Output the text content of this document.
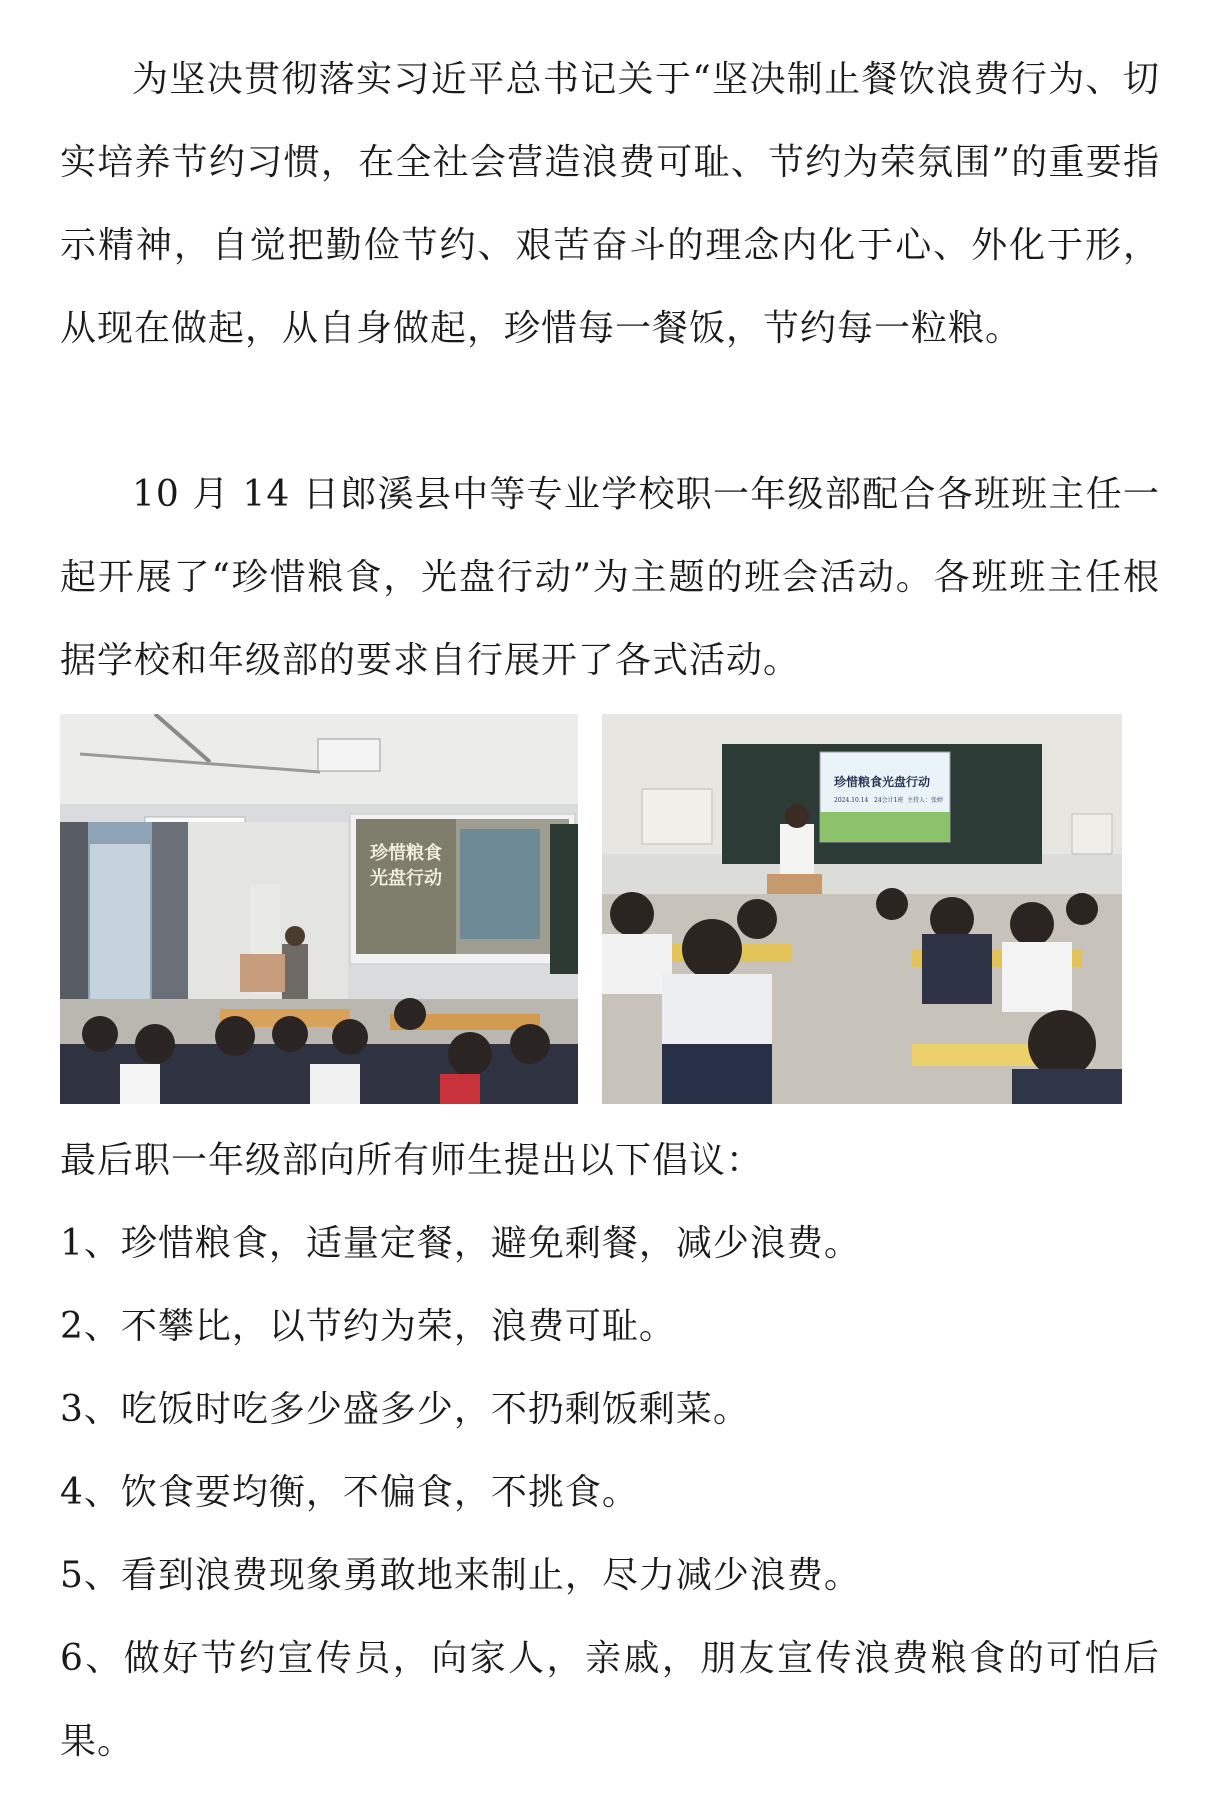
为坚决贯彻落实习近平总书记关于“坚决制止餐饮浪费行为、切实培养节约习惯，在全社会营造浪费可耻、节约为荣氛围”的重要指示精神，自觉把勤俭节约、艰苦奋斗的理念内化于心、外化于形，从现在做起，从自身做起，珍惜每一餐饭，节约每一粒粮。

10 月 14 日郎溪县中等专业学校职一年级部配合各班班主任一起开展了“珍惜粮食，光盘行动”为主题的班会活动。各班班主任根据学校和年级部的要求自行展开了各式活动。

珍惜粮食
光盘行动
珍惜粮食光盘行动
2024.10.14 24会计1班 主持人：张婷

最后职一年级部向所有师生提出以下倡议：

1、珍惜粮食，适量定餐，避免剩餐，减少浪费。
2、不攀比，以节约为荣，浪费可耻。
3、吃饭时吃多少盛多少，不扔剩饭剩菜。
4、饮食要均衡，不偏食，不挑食。
5、看到浪费现象勇敢地来制止，尽力减少浪费。
6、做好节约宣传员，向家人，亲戚，朋友宣传浪费粮食的可怕后果。
